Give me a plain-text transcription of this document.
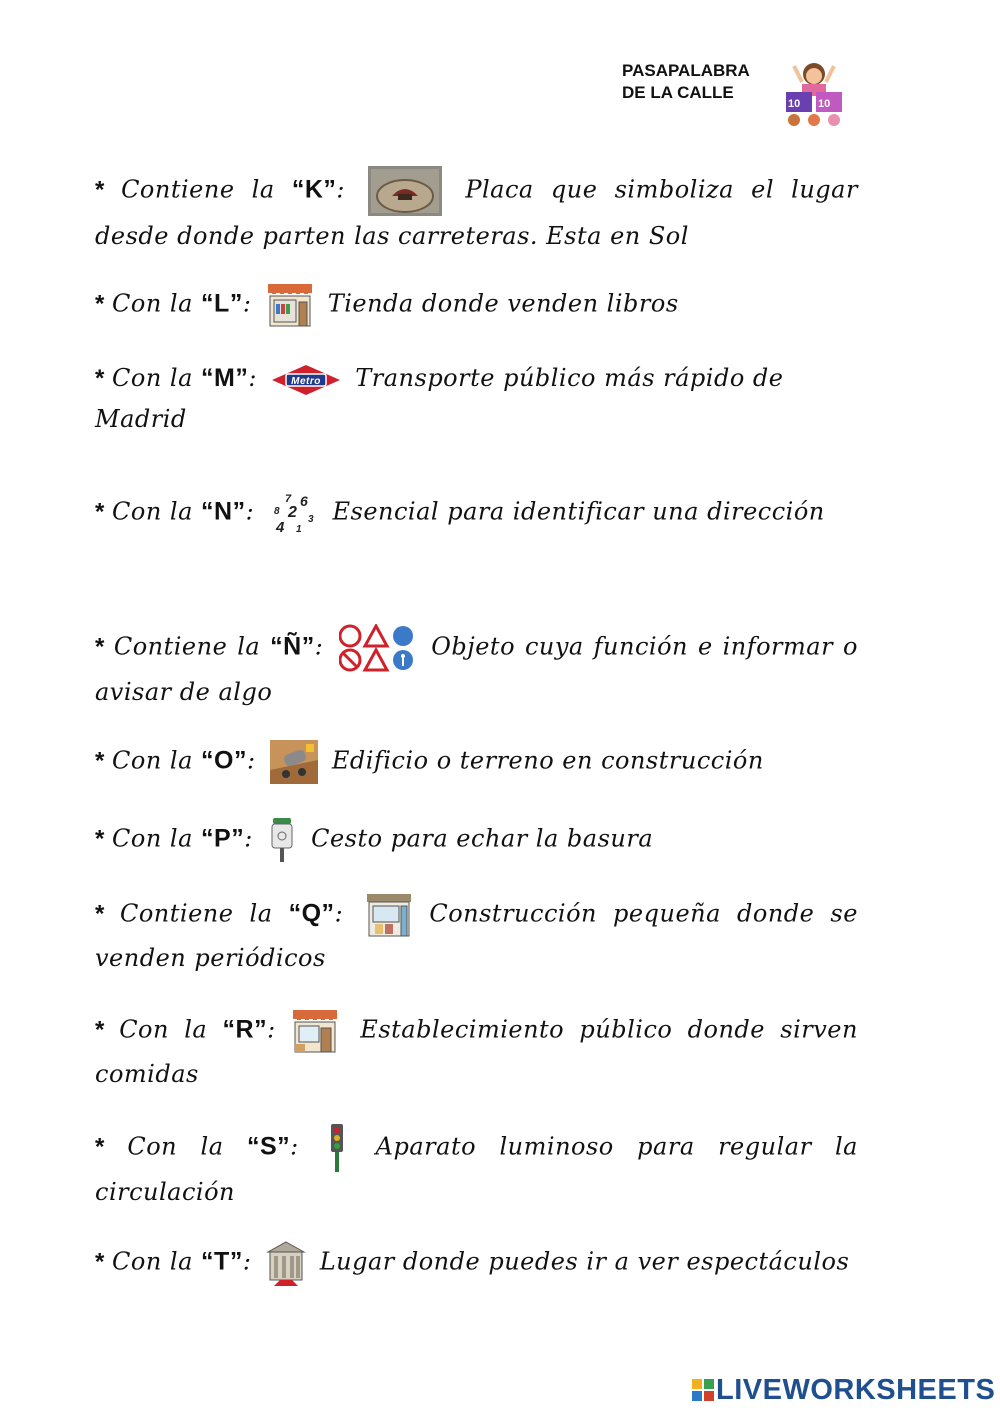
PASAPALABRA
DE LA CALLE
10 10
* Contiene la “K”:	Placa que simboliza el lugar desde donde parten las carreteras. Esta en Sol
* Con la “L”:	Tienda donde venden libros
* Con la “M”:	Metro Transporte público más rápido de Madrid
* Con la “N”:	7
8 2
6
4 1
3 Esencial para identificar una dirección
* Contiene la “Ñ”:	Objeto cuya función e informar o avisar de algo
* Con la “O”:	Edificio o terreno en construcción
* Con la “P”: Cesto para echar la basura
* Contiene la “Q”:	Construcción pequeña donde se venden periódicos
* Con la “R”:	Establecimiento público donde sirven comidas
* Con la “S”:	Aparato luminoso para regular la circulación
* Con la “T”:	Lugar donde puedes ir a ver espectáculos
LIVEWORKSHEETS
